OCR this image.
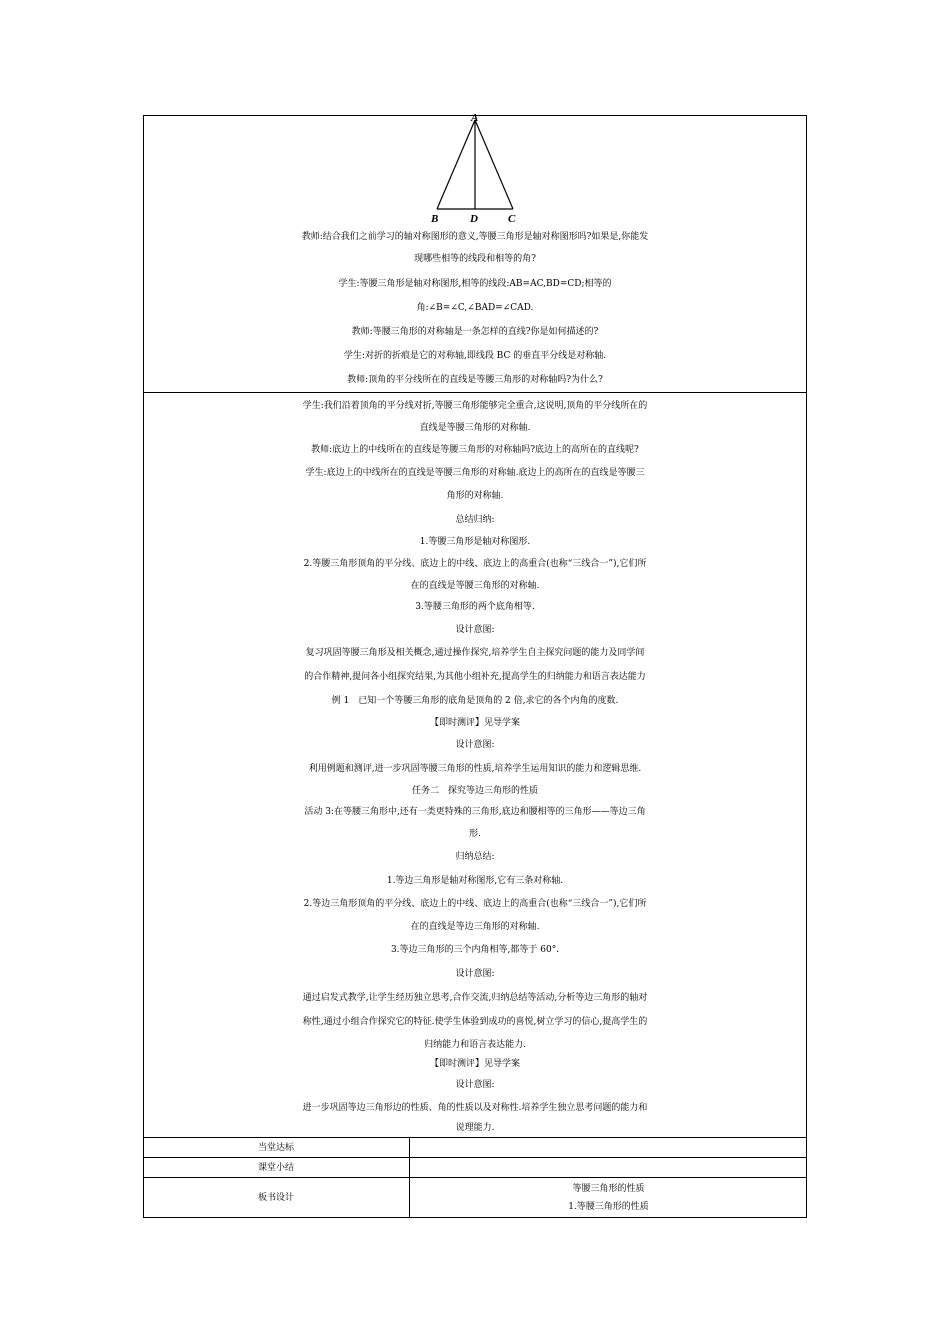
A
B	D	C
教师:结合我们之前学习的轴对称图形的意义,等腰三角形是轴对称图形吗?如果是,你能发
现哪些相等的线段和相等的角?
学生:等腰三角形是轴对称图形,相等的线段:AB=AC,BD=CD;相等的
角:∠B=∠C,∠BAD=∠CAD.
教师:等腰三角形的对称轴是一条怎样的直线?你是如何描述的?
学生:对折的折痕是它的对称轴,即线段 BC 的垂直平分线是对称轴.
教师:顶角的平分线所在的直线是等腰三角形的对称轴吗?为什么?
学生:我们沿着顶角的平分线对折,等腰三角形能够完全重合,这说明,顶角的平分线所在的
直线是等腰三角形的对称轴.
教师:底边上的中线所在的直线是等腰三角形的对称轴吗?底边上的高所在的直线呢?
学生:底边上的中线所在的直线是等腰三角形的对称轴.底边上的高所在的直线是等腰三
角形的对称轴.
总结归纳:
1.等腰三角形是轴对称图形.
2.等腰三角形顶角的平分线、底边上的中线、底边上的高重合(也称“三线合一”),它们所
在的直线是等腰三角形的对称轴.
3.等腰三角形的两个底角相等.
设计意图:
复习巩固等腰三角形及相关概念,通过操作探究,培养学生自主探究问题的能力及同学间
的合作精神,提问各小组探究结果,为其他小组补充,提高学生的归纳能力和语言表达能力
例 1　已知一个等腰三角形的底角是顶角的 2 倍,求它的各个内角的度数.
【即时测评】见导学案
设计意图:
利用例题和测评,进一步巩固等腰三角形的性质,培养学生运用知识的能力和逻辑思维.
任务二　探究等边三角形的性质
活动 3:在等腰三角形中,还有一类更特殊的三角形,底边和腰相等的三角形——等边三角
形.
归纳总结:
1.等边三角形是轴对称图形,它有三条对称轴.
2.等边三角形顶角的平分线、底边上的中线、底边上的高重合(也称“三线合一”),它们所
在的直线是等边三角形的对称轴.
3.等边三角形的三个内角相等,都等于 60°.
设计意图:
通过启发式教学,让学生经历独立思考,合作交流,归纳总结等活动,分析等边三角形的轴对
称性,通过小组合作探究它的特征.使学生体验到成功的喜悦,树立学习的信心,提高学生的
归纳能力和语言表达能力.
【即时测评】见导学案
设计意图:
进一步巩固等边三角形边的性质、角的性质以及对称性.培养学生独立思考问题的能力和
说理能力.
当堂达标
课堂小结
板书设计
等腰三角形的性质
1.等腰三角形的性质
